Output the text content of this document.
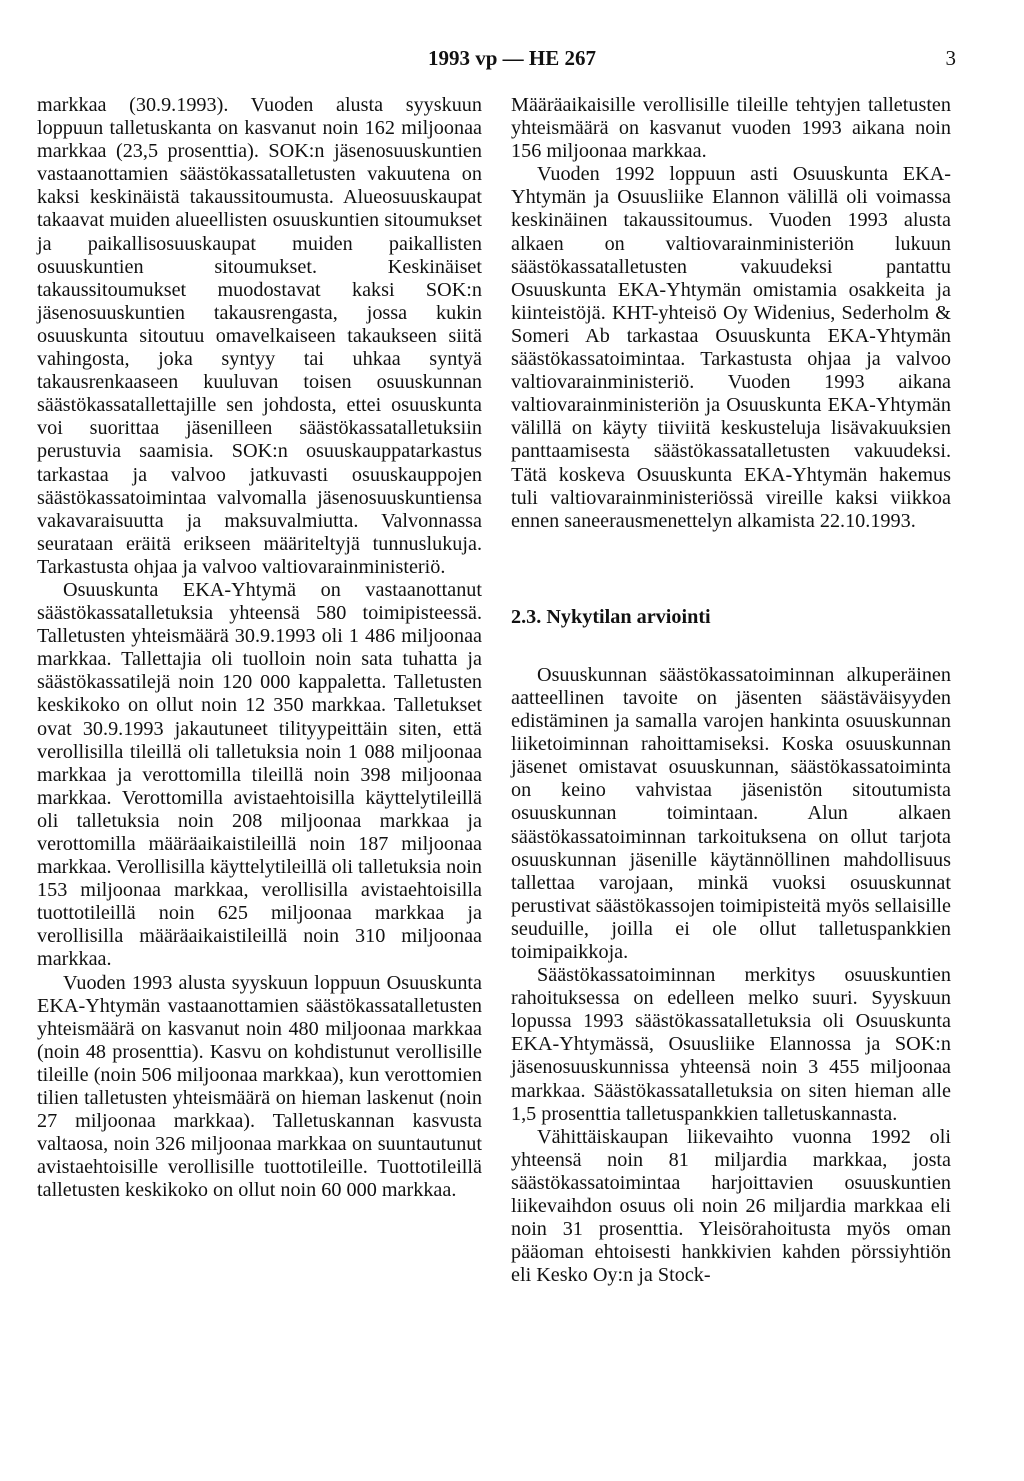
1993 vp — HE 267	3

markkaa (30.9.1993). Vuoden alusta syyskuun loppuun talletuskanta on kasvanut noin 162 miljoonaa markkaa (23,5 prosenttia). SOK:n jäsenosuuskuntien vastaanottamien säästökassatalletusten vakuutena on kaksi keskinäistä takaussitoumusta. Alueosuuskaupat takaavat muiden alueellisten osuuskuntien sitoumukset ja paikallisosuuskaupat muiden paikallisten osuuskuntien sitoumukset. Keskinäiset takaussitoumukset muodostavat kaksi SOK:n jäsenosuuskuntien takausrengasta, jossa kukin osuuskunta sitoutuu omavelkaiseen takaukseen siitä vahingosta, joka syntyy tai uhkaa syntyä takausrenkaaseen kuuluvan toisen osuuskunnan säästökassatallettajille sen johdosta, ettei osuuskunta voi suorittaa jäsenilleen säästökassatalletuksiin perustuvia saamisia. SOK:n osuuskauppatarkastus tarkastaa ja valvoo jatkuvasti osuuskauppojen säästökassatoimintaa valvomalla jäsenosuuskuntiensa vakavaraisuutta ja maksuvalmiutta. Valvonnassa seurataan eräitä erikseen määriteltyjä tunnuslukuja. Tarkastusta ohjaa ja valvoo valtiovarainministeriö.

Osuuskunta EKA-Yhtymä on vastaanottanut säästökassatalletuksia yhteensä 580 toimipisteessä. Talletusten yhteismäärä 30.9.1993 oli 1 486 miljoonaa markkaa. Tallettajia oli tuolloin noin sata tuhatta ja säästökassatilejä noin 120 000 kappaletta. Talletusten keskikoko on ollut noin 12 350 markkaa. Talletukset ovat 30.9.1993 jakautuneet tilityypeittäin siten, että verollisilla tileillä oli talletuksia noin 1 088 miljoonaa markkaa ja verottomilla tileillä noin 398 miljoonaa markkaa. Verottomilla avistaehtoisilla käyttelytileillä oli talletuksia noin 208 miljoonaa markkaa ja verottomilla määräaikaistileillä noin 187 miljoonaa markkaa. Verollisilla käyttelytileillä oli talletuksia noin 153 miljoonaa markkaa, verollisilla avistaehtoisilla tuottotileillä noin 625 miljoonaa markkaa ja verollisilla määräaikaistileillä noin 310 miljoonaa markkaa.

Vuoden 1993 alusta syyskuun loppuun Osuuskunta EKA-Yhtymän vastaanottamien säästökassatalletusten yhteismäärä on kasvanut noin 480 miljoonaa markkaa (noin 48 prosenttia). Kasvu on kohdistunut verollisille tileille (noin 506 miljoonaa markkaa), kun verottomien tilien talletusten yhteismäärä on hieman laskenut (noin 27 miljoonaa markkaa). Talletuskannan kasvusta valtaosa, noin 326 miljoonaa markkaa on suuntautunut avistaehtoisille verollisille tuottotileille. Tuottotileillä talletusten keskikoko on ollut noin 60 000 markkaa.

Määräaikaisille verollisille tileille tehtyjen talletusten yhteismäärä on kasvanut vuoden 1993 aikana noin 156 miljoonaa markkaa.

Vuoden 1992 loppuun asti Osuuskunta EKA-Yhtymän ja Osuusliike Elannon välillä oli voimassa keskinäinen takaussitoumus. Vuoden 1993 alusta alkaen on valtiovarainministeriön lukuun säästökassatalletusten vakuudeksi pantattu Osuuskunta EKA-Yhtymän omistamia osakkeita ja kiinteistöjä. KHT-yhteisö Oy Widenius, Sederholm & Someri Ab tarkastaa Osuuskunta EKA-Yhtymän säästökassatoimintaa. Tarkastusta ohjaa ja valvoo valtiovarainministeriö. Vuoden 1993 aikana valtiovarainministeriön ja Osuuskunta EKA-Yhtymän välillä on käyty tiiviitä keskusteluja lisävakuuksien panttaamisesta säästökassatalletusten vakuudeksi. Tätä koskeva Osuuskunta EKA-Yhtymän hakemus tuli valtiovarainministeriössä vireille kaksi viikkoa ennen saneerausmenettelyn alkamista 22.10.1993.

2.3. Nykytilan arviointi

Osuuskunnan säästökassatoiminnan alkuperäinen aatteellinen tavoite on jäsenten säästäväisyyden edistäminen ja samalla varojen hankinta osuuskunnan liiketoiminnan rahoittamiseksi. Koska osuuskunnan jäsenet omistavat osuuskunnan, säästökassatoiminta on keino vahvistaa jäsenistön sitoutumista osuuskunnan toimintaan. Alun alkaen säästökassatoiminnan tarkoituksena on ollut tarjota osuuskunnan jäsenille käytännöllinen mahdollisuus tallettaa varojaan, minkä vuoksi osuuskunnat perustivat säästökassojen toimipisteitä myös sellaisille seuduille, joilla ei ole ollut talletuspankkien toimipaikkoja.

Säästökassatoiminnan merkitys osuuskuntien rahoituksessa on edelleen melko suuri. Syyskuun lopussa 1993 säästökassatalletuksia oli Osuuskunta EKA-Yhtymässä, Osuusliike Elannossa ja SOK:n jäsenosuuskunnissa yhteensä noin 3 455 miljoonaa markkaa. Säästökassatalletuksia on siten hieman alle 1,5 prosenttia talletuspankkien talletuskannasta.

Vähittäiskaupan liikevaihto vuonna 1992 oli yhteensä noin 81 miljardia markkaa, josta säästökassatoimintaa harjoittavien osuuskuntien liikevaihdon osuus oli noin 26 miljardia markkaa eli noin 31 prosenttia. Yleisörahoitusta myös oman pääoman ehtoisesti hankkivien kahden pörssiyhtiön eli Kesko Oy:n ja Stock-
